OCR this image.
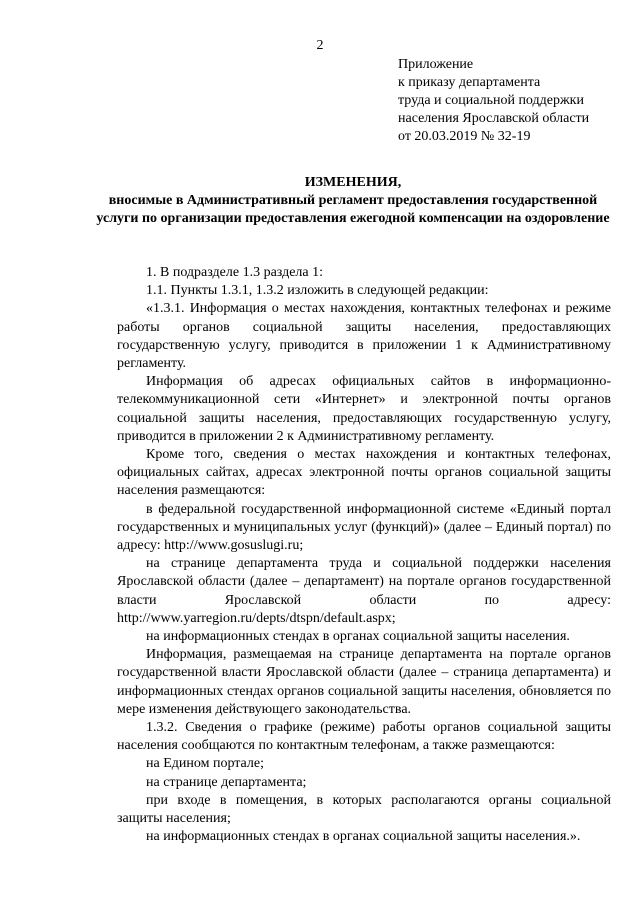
2
Приложение
к приказу департамента
труда и социальной поддержки
населения Ярославской области
от 20.03.2019 № 32-19
ИЗМЕНЕНИЯ,
вносимые в Административный регламент предоставления государственной услуги по организации предоставления ежегодной компенсации на оздоровление

1. В подразделе 1.3 раздела 1:

1.1. Пункты 1.3.1, 1.3.2 изложить в следующей редакции:

«1.3.1. Информация о местах нахождения, контактных телефонах и режиме работы органов социальной защиты населения, предоставляющих государственную услугу, приводится в приложении 1 к Административному регламенту.

Информация об адресах официальных сайтов в информационно-телекоммуникационной сети «Интернет» и электронной почты органов социальной защиты населения, предоставляющих государственную услугу, приводится в приложении 2 к Административному регламенту.

Кроме того, сведения о местах нахождения и контактных телефонах, официальных сайтах, адресах электронной почты органов социальной защиты населения размещаются:

в федеральной государственной информационной системе «Единый портал государственных и муниципальных услуг (функций)» (далее – Единый портал) по адресу: http://www.gosuslugi.ru;

на странице департамента труда и социальной поддержки населения Ярославской области (далее – департамент) на портале органов государственной власти Ярославской области по адресу: http://www.yarregion.ru/depts/dtspn/default.aspx;

на информационных стендах в органах социальной защиты населения.

Информация, размещаемая на странице департамента на портале органов государственной власти Ярославской области (далее – страница департамента) и информационных стендах органов социальной защиты населения, обновляется по мере изменения действующего законодательства.

1.3.2. Сведения о графике (режиме) работы органов социальной защиты населения сообщаются по контактным телефонам, а также размещаются:

на Едином портале;

на странице департамента;

при входе в помещения, в которых располагаются органы социальной защиты населения;

на информационных стендах в органах социальной защиты населения.».
